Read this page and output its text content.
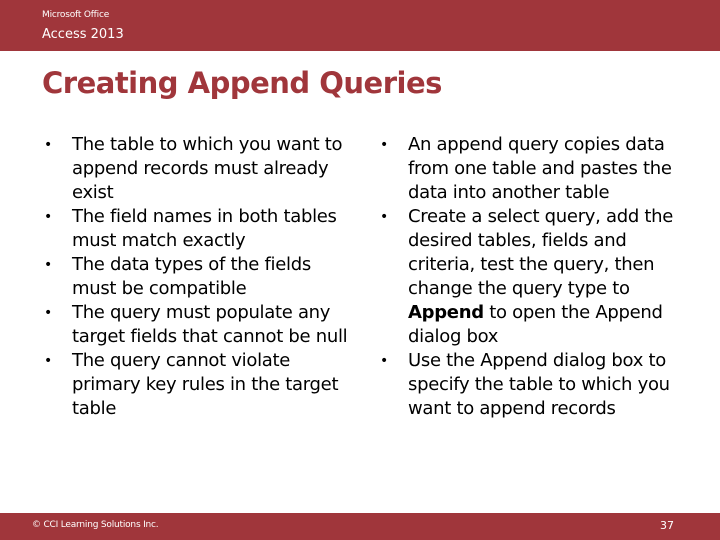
Microsoft Office
Access 2013
Creating Append Queries
• The table to which you want to append records must already exist
• The field names in both tables must match exactly
• The data types of the fields must be compatible
• The query must populate any target fields that cannot be null
• The query cannot violate primary key rules in the target table
• An append query copies data from one table and pastes the data into another table
• Create a select query, add the desired tables, fields and criteria, test the query, then change the query type to Append to open the Append dialog box
• Use the Append dialog box to specify the table to which you want to append records
© CCI Learning Solutions Inc.	37
